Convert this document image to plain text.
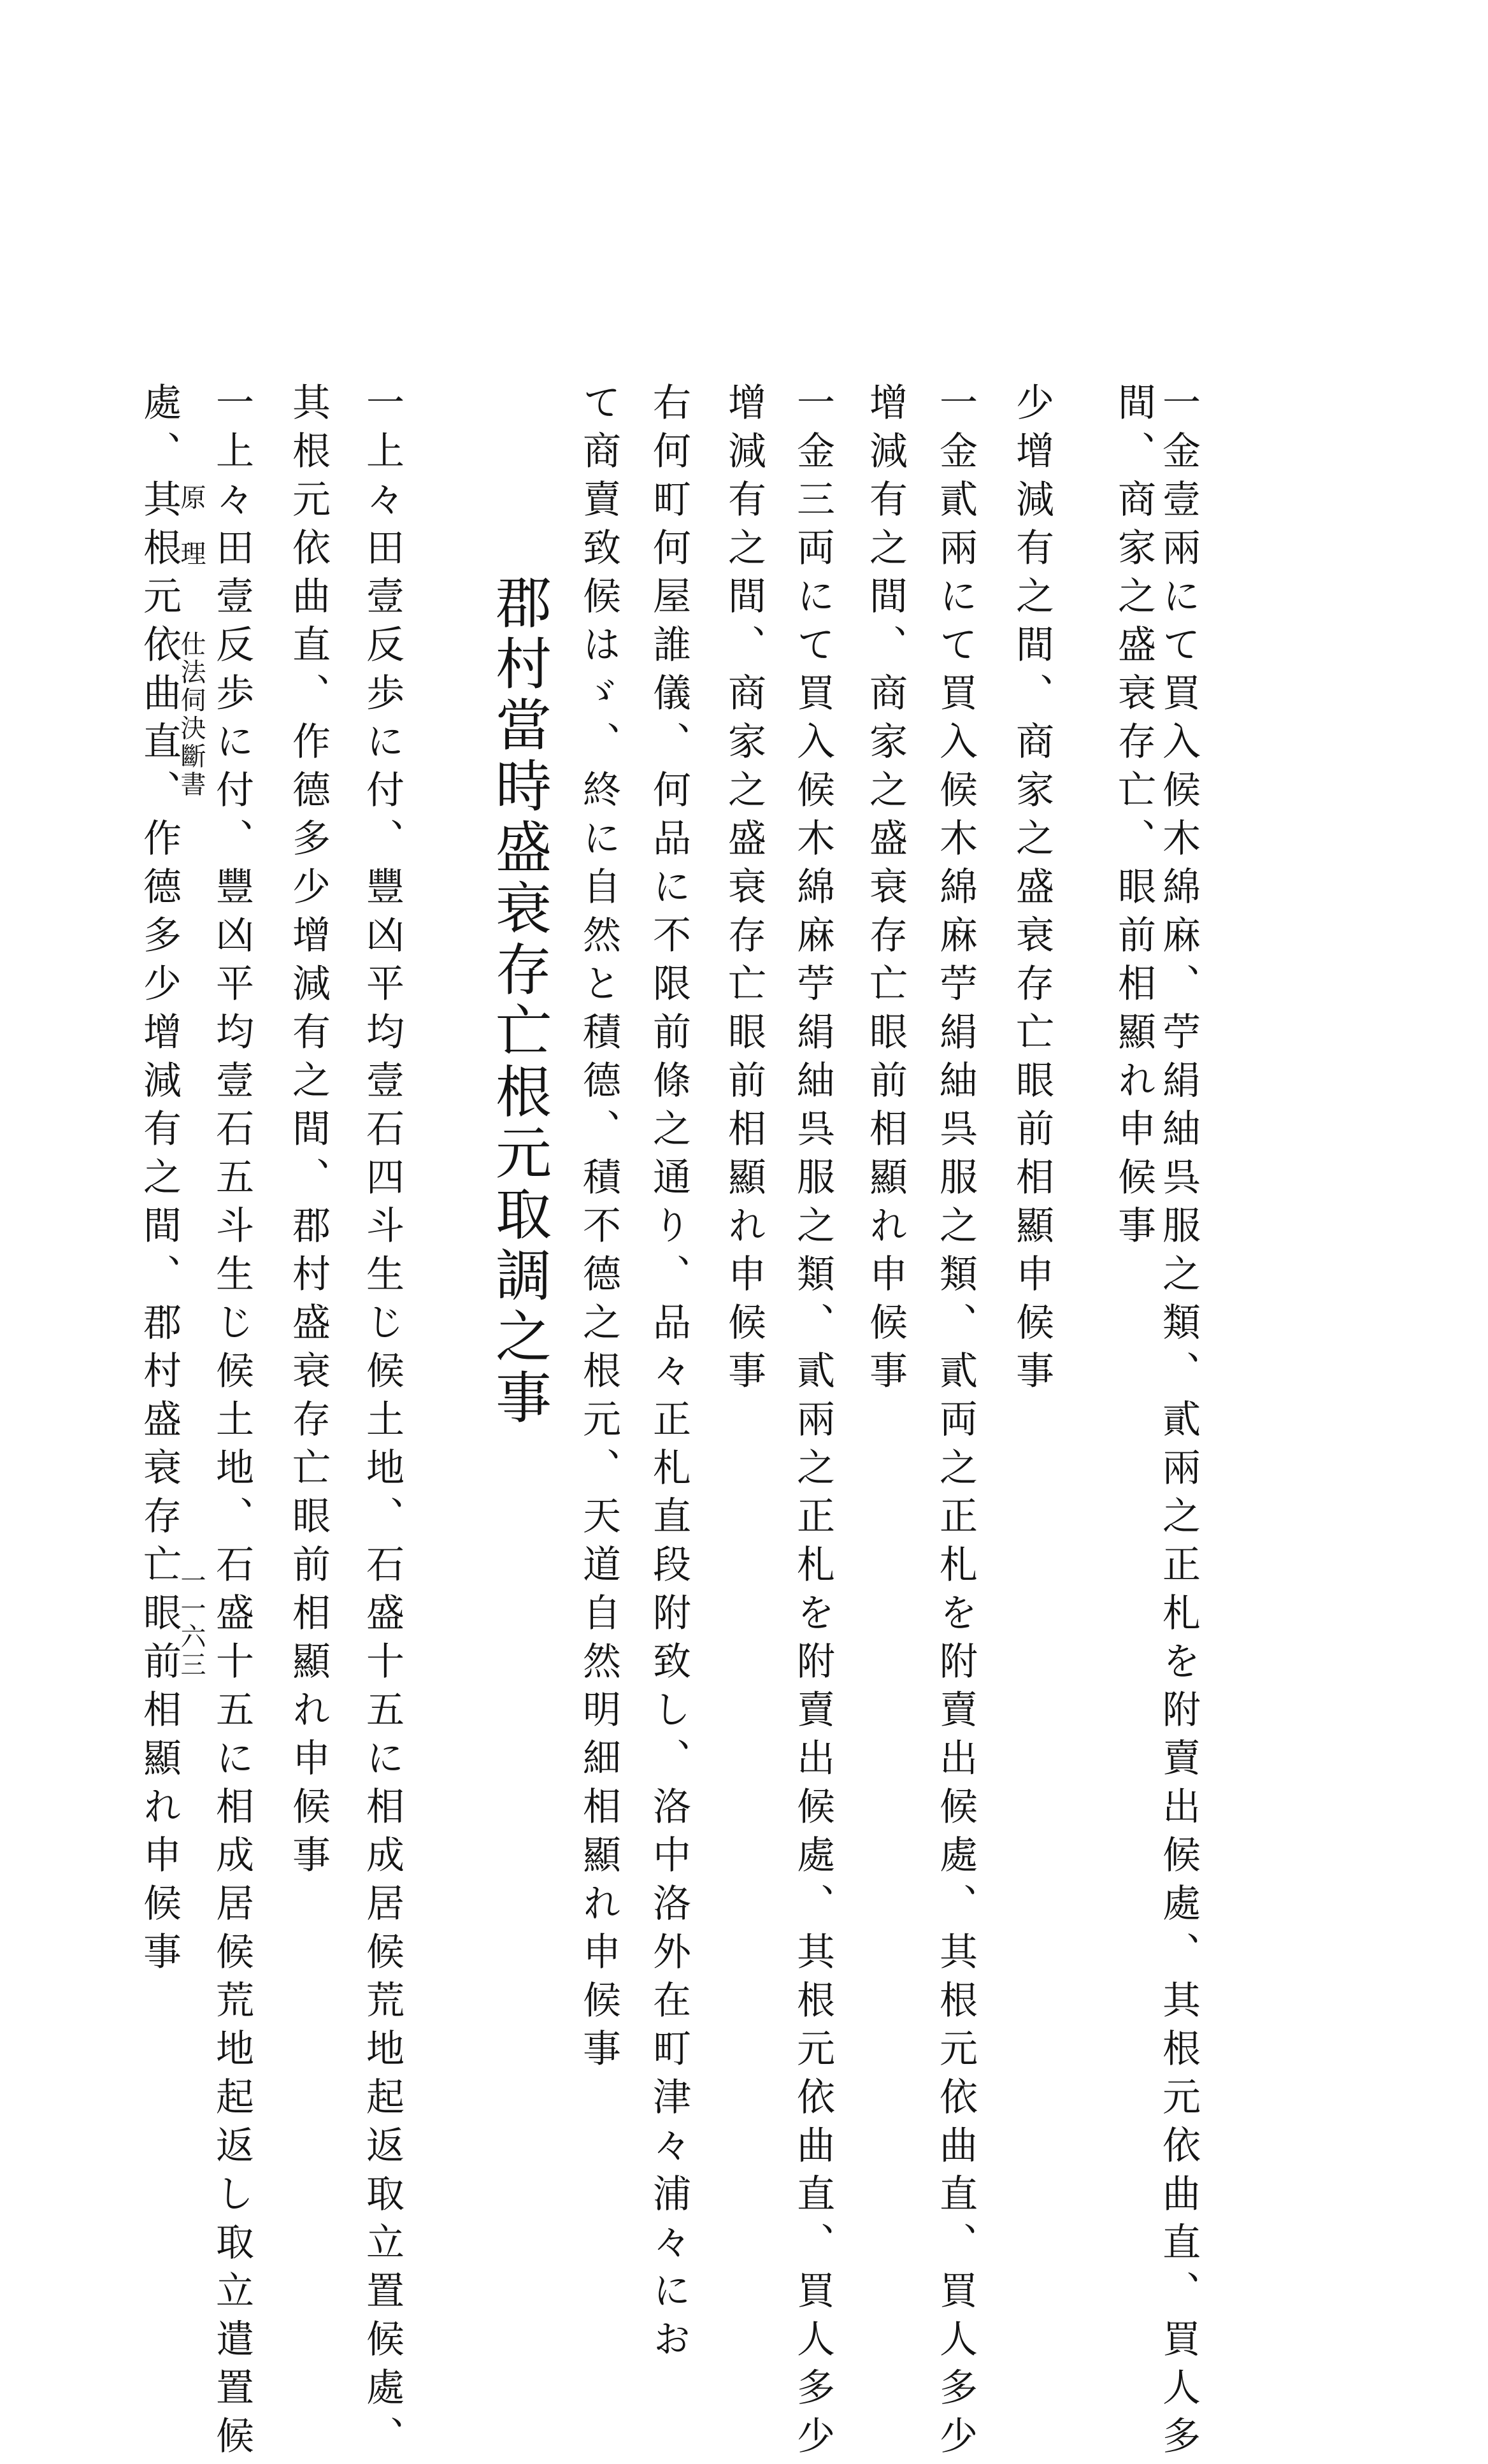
間、商家之盛衰存亡、眼前相顯れ申候事 一金壹兩にて買入候木綿麻、苧絹紬呉服之類、貳兩之正札を附賣出候處、其根元依曲直、買人多
少增減有之間、商家之盛衰存亡眼前相顯申候事
一金貳兩にて買入候木綿麻苧絹紬呉服之類、貳両之正札を附賣出候處、其根元依曲直、買人多少
增減有之間、商家之盛衰存亡眼前相顯れ申候事
一金三両にて買入候木綿麻苧絹紬呉服之類、貳兩之正札を附賣出候處、其根元依曲直、買人多少
增減有之間、商家之盛衰存亡眼前相顯れ申候事
右何町何屋誰儀、何品に不限前條之通り、品々正札直段附致し、洛中洛外在町津々浦々にお
て商賣致候はゞ、終に自然と積德、積不德之根元、天道自然明細相顯れ申候事
郡村當時盛衰存亡根元取調之事
一上々田壹反歩に付、豐凶平均壹石四斗生じ候土地、石盛十五に相成居候荒地起返取立置候處、
其根元依曲直、作德多少增減有之間、郡村盛衰存亡眼前相顯れ申候事
一上々田壹反歩に付、豐凶平均壹石五斗生じ候土地、石盛十五に相成居候荒地起返し取立遣置候
處、其根元依曲直、作德多少增減有之間、郡村盛衰存亡眼前相顯れ申候事
原　理
仕法伺決斷書
一一六三
